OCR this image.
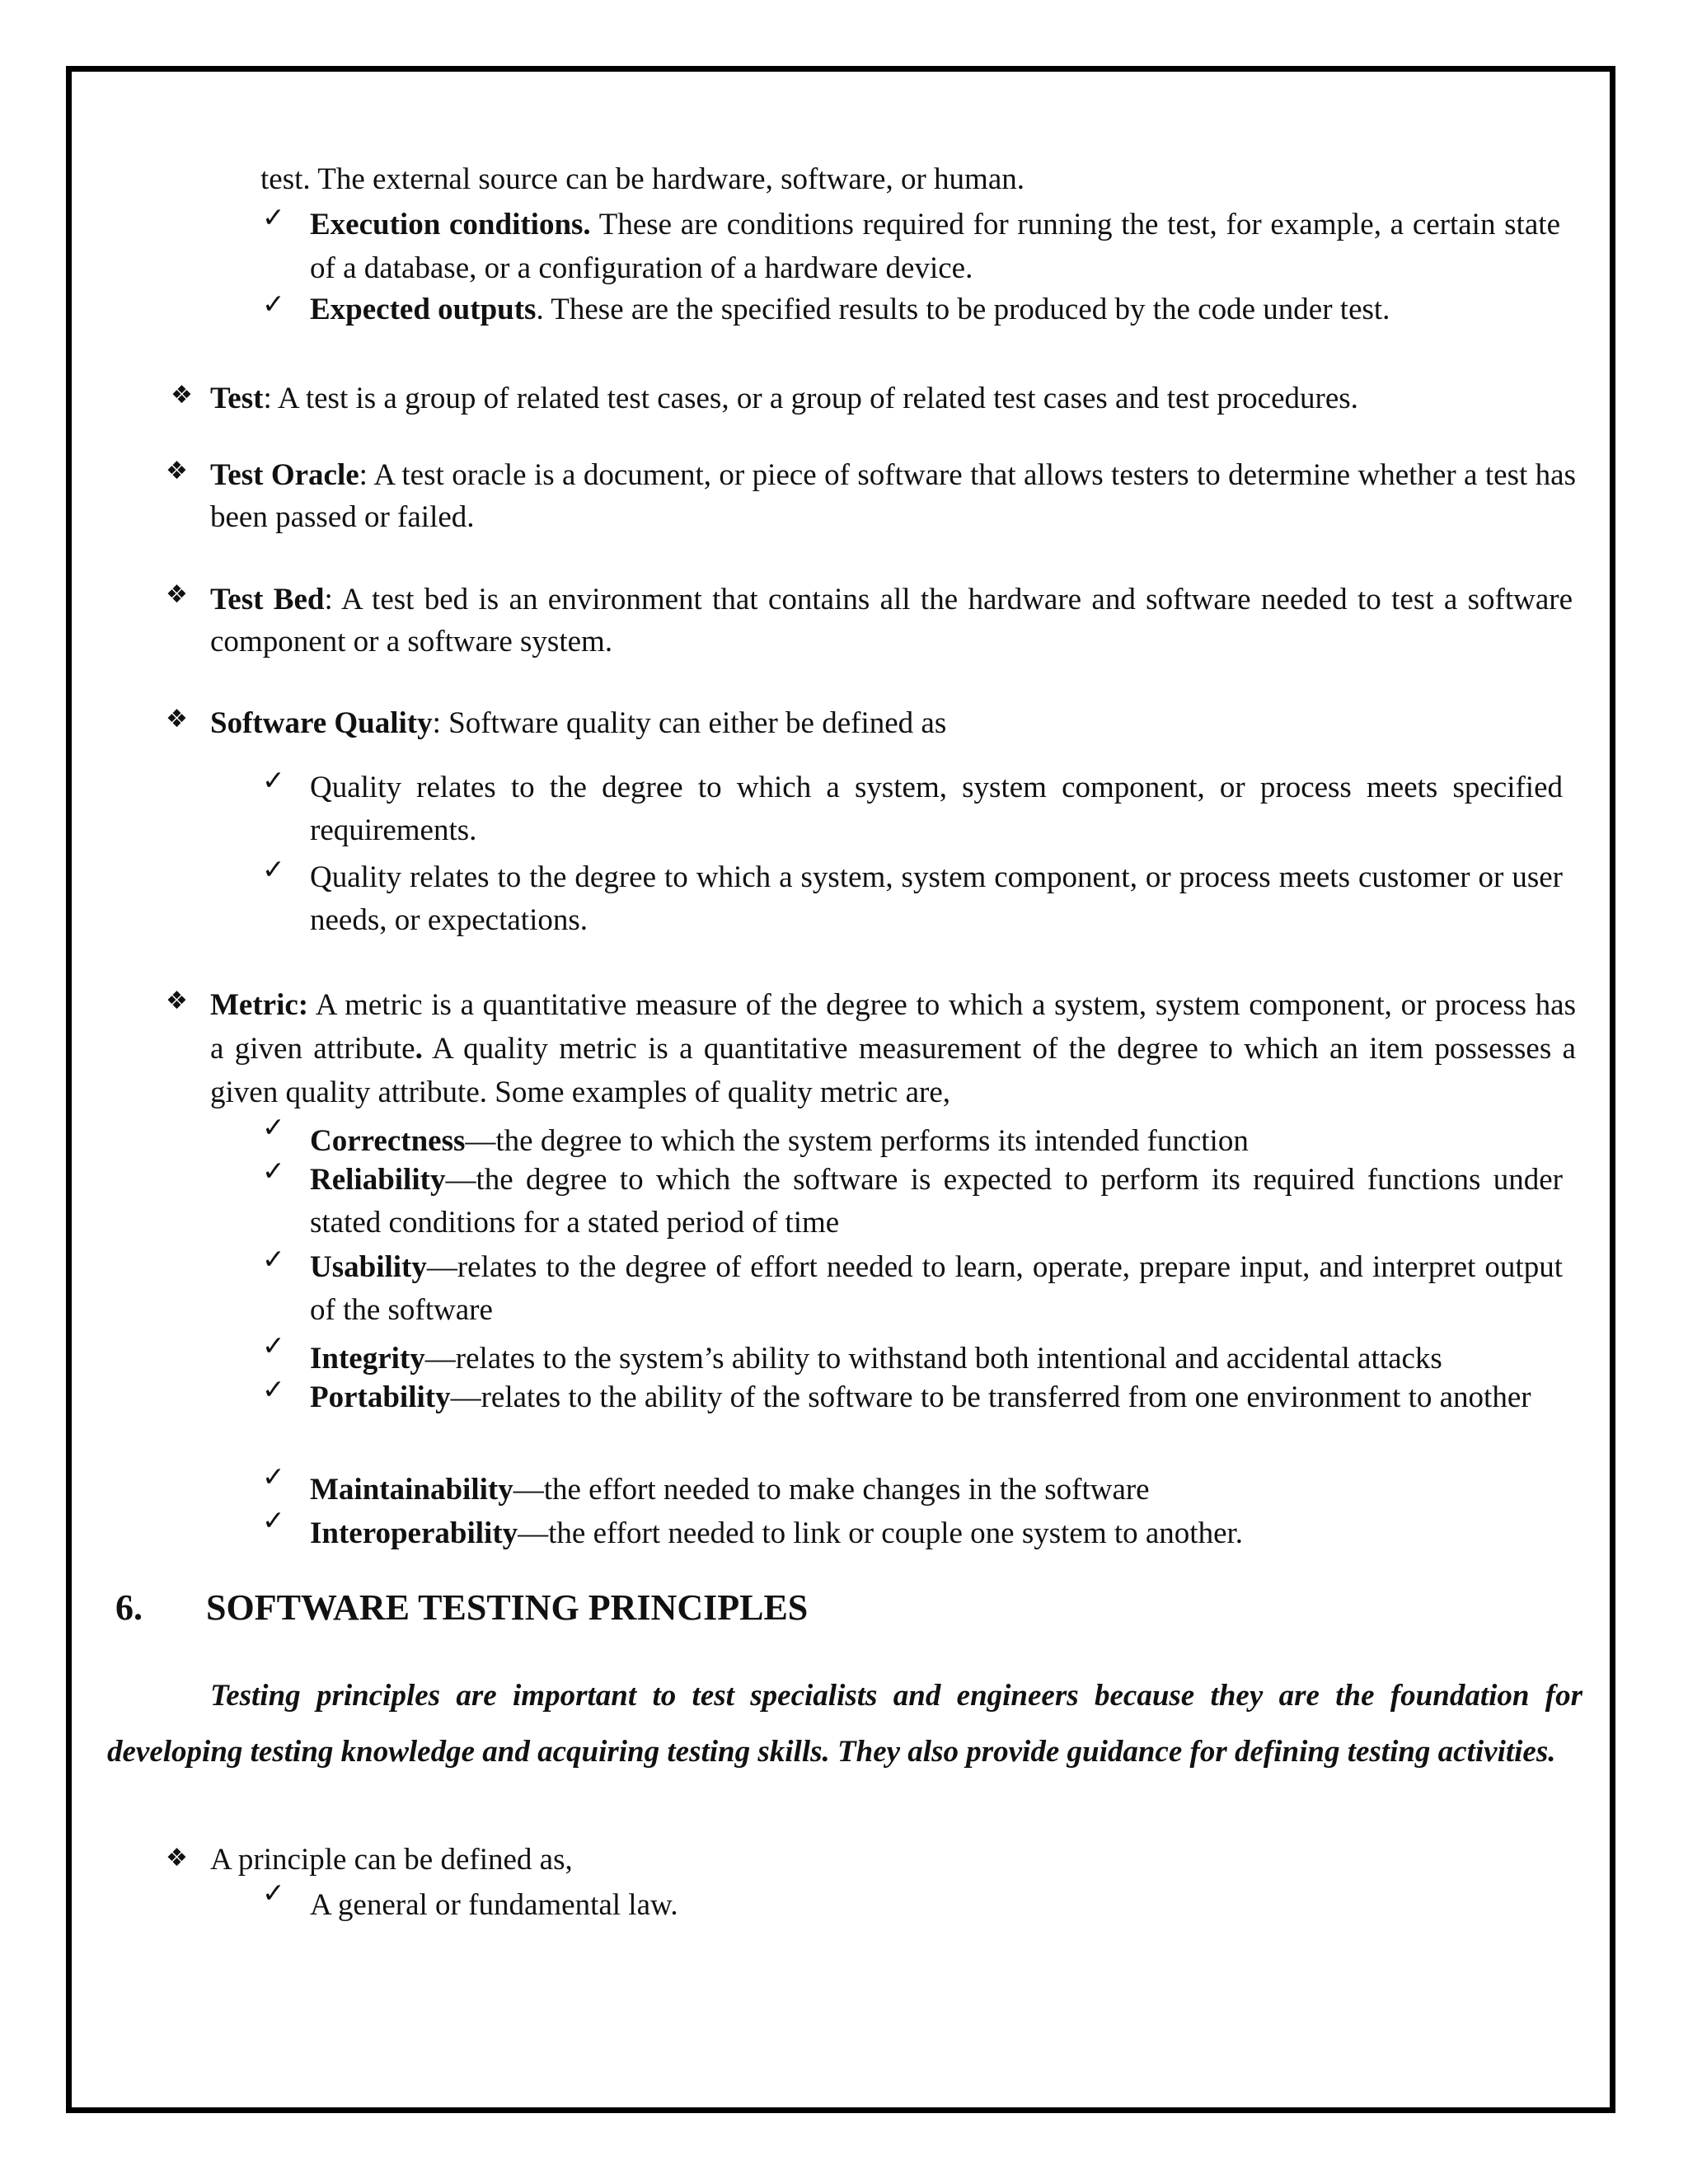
test. The external source can be hardware, software, or human.
✓ Execution conditions. These are conditions required for running the test, for example, a certain state of a database, or a configuration of a hardware device.
✓ Expected outputs. These are the specified results to be produced by the code under test.
❖ Test: A test is a group of related test cases, or a group of related test cases and test procedures.
❖ Test Oracle: A test oracle is a document, or piece of software that allows testers to determine whether a test has been passed or failed.
❖ Test Bed: A test bed is an environment that contains all the hardware and software needed to test a software component or a software system.
❖ Software Quality: Software quality can either be defined as
✓ Quality relates to the degree to which a system, system component, or process meets specified requirements.
✓ Quality relates to the degree to which a system, system component, or process meets customer or user needs, or expectations.
❖ Metric: A metric is a quantitative measure of the degree to which a system, system component, or process has a given attribute. A quality metric is a quantitative measurement of the degree to which an item possesses a given quality attribute. Some examples of quality metric are,
✓ Correctness—the degree to which the system performs its intended function
✓ Reliability—the degree to which the software is expected to perform its required functions under stated conditions for a stated period of time
✓ Usability—relates to the degree of effort needed to learn, operate, prepare input, and interpret output of the software
✓ Integrity—relates to the system’s ability to withstand both intentional and accidental attacks
✓ Portability—relates to the ability of the software to be transferred from one environment to another
✓ Maintainability—the effort needed to make changes in the software
✓ Interoperability—the effort needed to link or couple one system to another.
6. SOFTWARE TESTING PRINCIPLES
Testing principles are important to test specialists and engineers because they are the foundation for developing testing knowledge and acquiring testing skills. They also provide guidance for defining testing activities.
❖ A principle can be defined as,
✓ A general or fundamental law.
